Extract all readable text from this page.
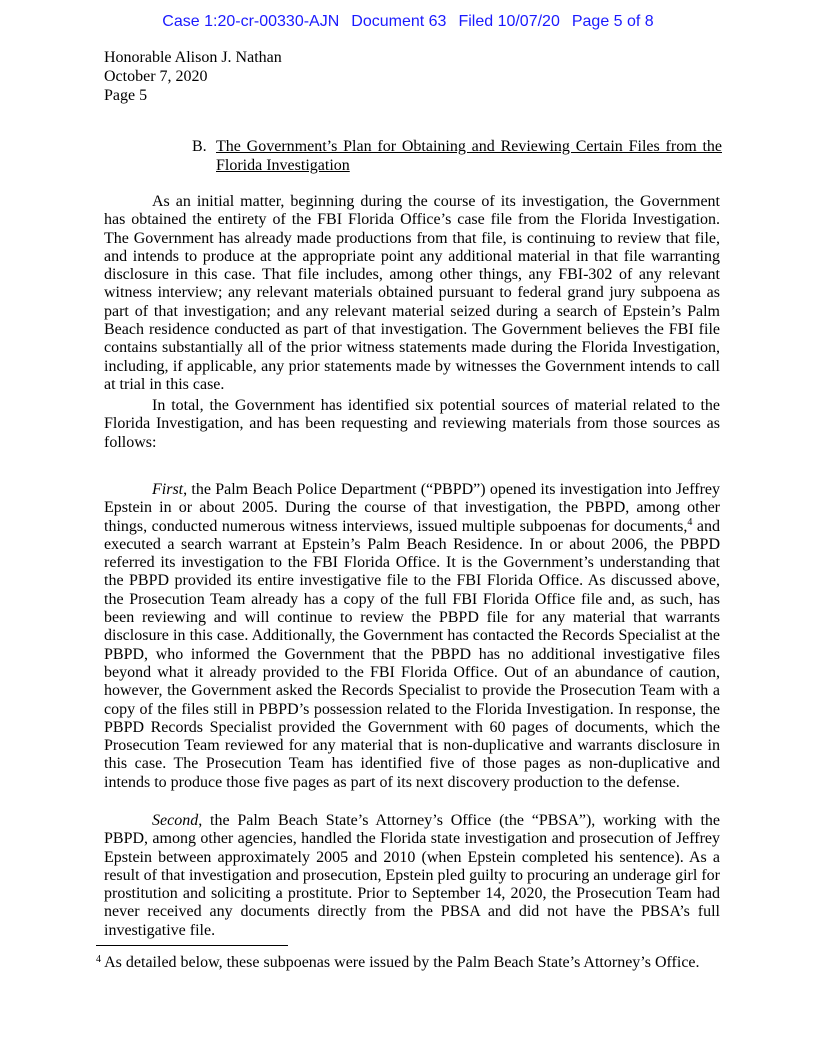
Case 1:20-cr-00330-AJN Document 63 Filed 10/07/20 Page 5 of 8
Honorable Alison J. Nathan
October 7, 2020
Page 5
B. The Government’s Plan for Obtaining and Reviewing Certain Files from the Florida Investigation

As an initial matter, beginning during the course of its investigation, the Government has obtained the entirety of the FBI Florida Office’s case file from the Florida Investigation. The Government has already made productions from that file, is continuing to review that file, and intends to produce at the appropriate point any additional material in that file warranting disclosure in this case. That file includes, among other things, any FBI-302 of any relevant witness interview; any relevant materials obtained pursuant to federal grand jury subpoena as part of that investigation; and any relevant material seized during a search of Epstein’s Palm Beach residence conducted as part of that investigation. The Government believes the FBI file contains substantially all of the prior witness statements made during the Florida Investigation, including, if applicable, any prior statements made by witnesses the Government intends to call at trial in this case.

In total, the Government has identified six potential sources of material related to the Florida Investigation, and has been requesting and reviewing materials from those sources as follows:

First, the Palm Beach Police Department (“PBPD”) opened its investigation into Jeffrey Epstein in or about 2005. During the course of that investigation, the PBPD, among other things, conducted numerous witness interviews, issued multiple subpoenas for documents,$^4$ and executed a search warrant at Epstein’s Palm Beach Residence. In or about 2006, the PBPD referred its investigation to the FBI Florida Office. It is the Government’s understanding that the PBPD provided its entire investigative file to the FBI Florida Office. As discussed above, the Prosecution Team already has a copy of the full FBI Florida Office file and, as such, has been reviewing and will continue to review the PBPD file for any material that warrants disclosure in this case. Additionally, the Government has contacted the Records Specialist at the PBPD, who informed the Government that the PBPD has no additional investigative files beyond what it already provided to the FBI Florida Office. Out of an abundance of caution, however, the Government asked the Records Specialist to provide the Prosecution Team with a copy of the files still in PBPD’s possession related to the Florida Investigation. In response, the PBPD Records Specialist provided the Government with 60 pages of documents, which the Prosecution Team reviewed for any material that is non-duplicative and warrants disclosure in this case. The Prosecution Team has identified five of those pages as non-duplicative and intends to produce those five pages as part of its next discovery production to the defense.

Second, the Palm Beach State’s Attorney’s Office (the “PBSA”), working with the PBPD, among other agencies, handled the Florida state investigation and prosecution of Jeffrey Epstein between approximately 2005 and 2010 (when Epstein completed his sentence). As a result of that investigation and prosecution, Epstein pled guilty to procuring an underage girl for prostitution and soliciting a prostitute. Prior to September 14, 2020, the Prosecution Team had never received any documents directly from the PBSA and did not have the PBSA’s full investigative file.

$^4$ As detailed below, these subpoenas were issued by the Palm Beach State’s Attorney’s Office.
